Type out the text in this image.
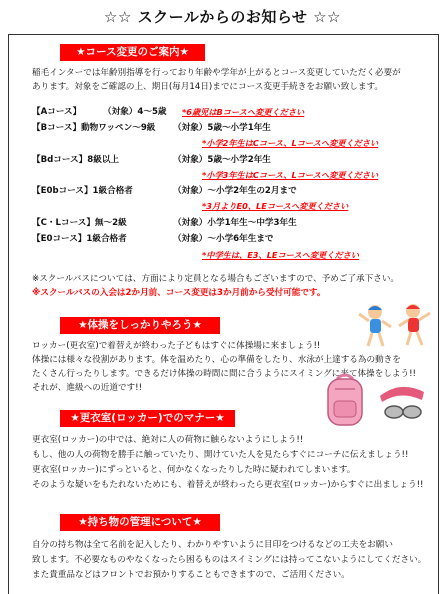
☆☆ スクールからのお知らせ ☆☆
★コース変更のご案内★
稲毛インターでは年齢別指導を行っており年齢や学年が上がるとコース変更していただく必要が
あります。対象をご確認の上、期日(毎月14日)までにコース変更手続きをお願い致します。
【Aコース】	（対象）4～5歳 *6歳児はBコースへ変更ください
【Bコース】動物ワッペン～9級 （対象）5歳～小学1年生
*小学2年生はCコース、Lコースへ変更ください
【Bdコース】8級以上	（対象）5歳～小学2年生
*小学3年生はCコース、Lコースへ変更ください
【E0bコース】1級合格者	（対象）～小学2年生の2月まで
*3月よりE0、LEコースへ変更ください
【C・Lコース】無～2級	（対象）小学1年生～中学3年生
【E0コース】1級合格者	（対象）～小学6年生まで
*中学生は、E3、LEコースへ変更ください
※スクールバスについては、方面により定員となる場合もございますので、予めご了承下さい。
※スクールバスの入会は2か月前、コース変更は3か月前から受付可能です。
★体操をしっかりやろう★
ロッカー(更衣室)で着替えが終わった子どもはすぐに体操場に来ましょう!!
体操には様々な役割があります。体を温めたり、心の準備をしたり、水泳が上達する為の動きを
たくさん行ったりします。できるだけ体操の時間に間に合うようにスイミングに来て体操をしよう!!
それが、進級への近道です!!
★更衣室(ロッカー)でのマナー★
更衣室(ロッカー)の中では、絶対に人の荷物に触らないようにしよう!!
もし、他の人の荷物を勝手に触っていたり、開けていた人を見たらすぐにコーチに伝えましょう!!
更衣室(ロッカー)にずっといると、何かなくなったりした時に疑われてしまいます。
そのような疑いをもたれないためにも、着替えが終わったら更衣室(ロッカー)からすぐに出ましょう!!
★持ち物の管理について★
自分の持ち物は全て名前を記入したり、わかりやすいように目印をつけるなどの工夫をお願い
致します。不必要なものやなくなったら困るものはスイミングには持ってこないようにしてください。
また貴重品などはフロントでお預かりすることもできますので、ご活用ください。
